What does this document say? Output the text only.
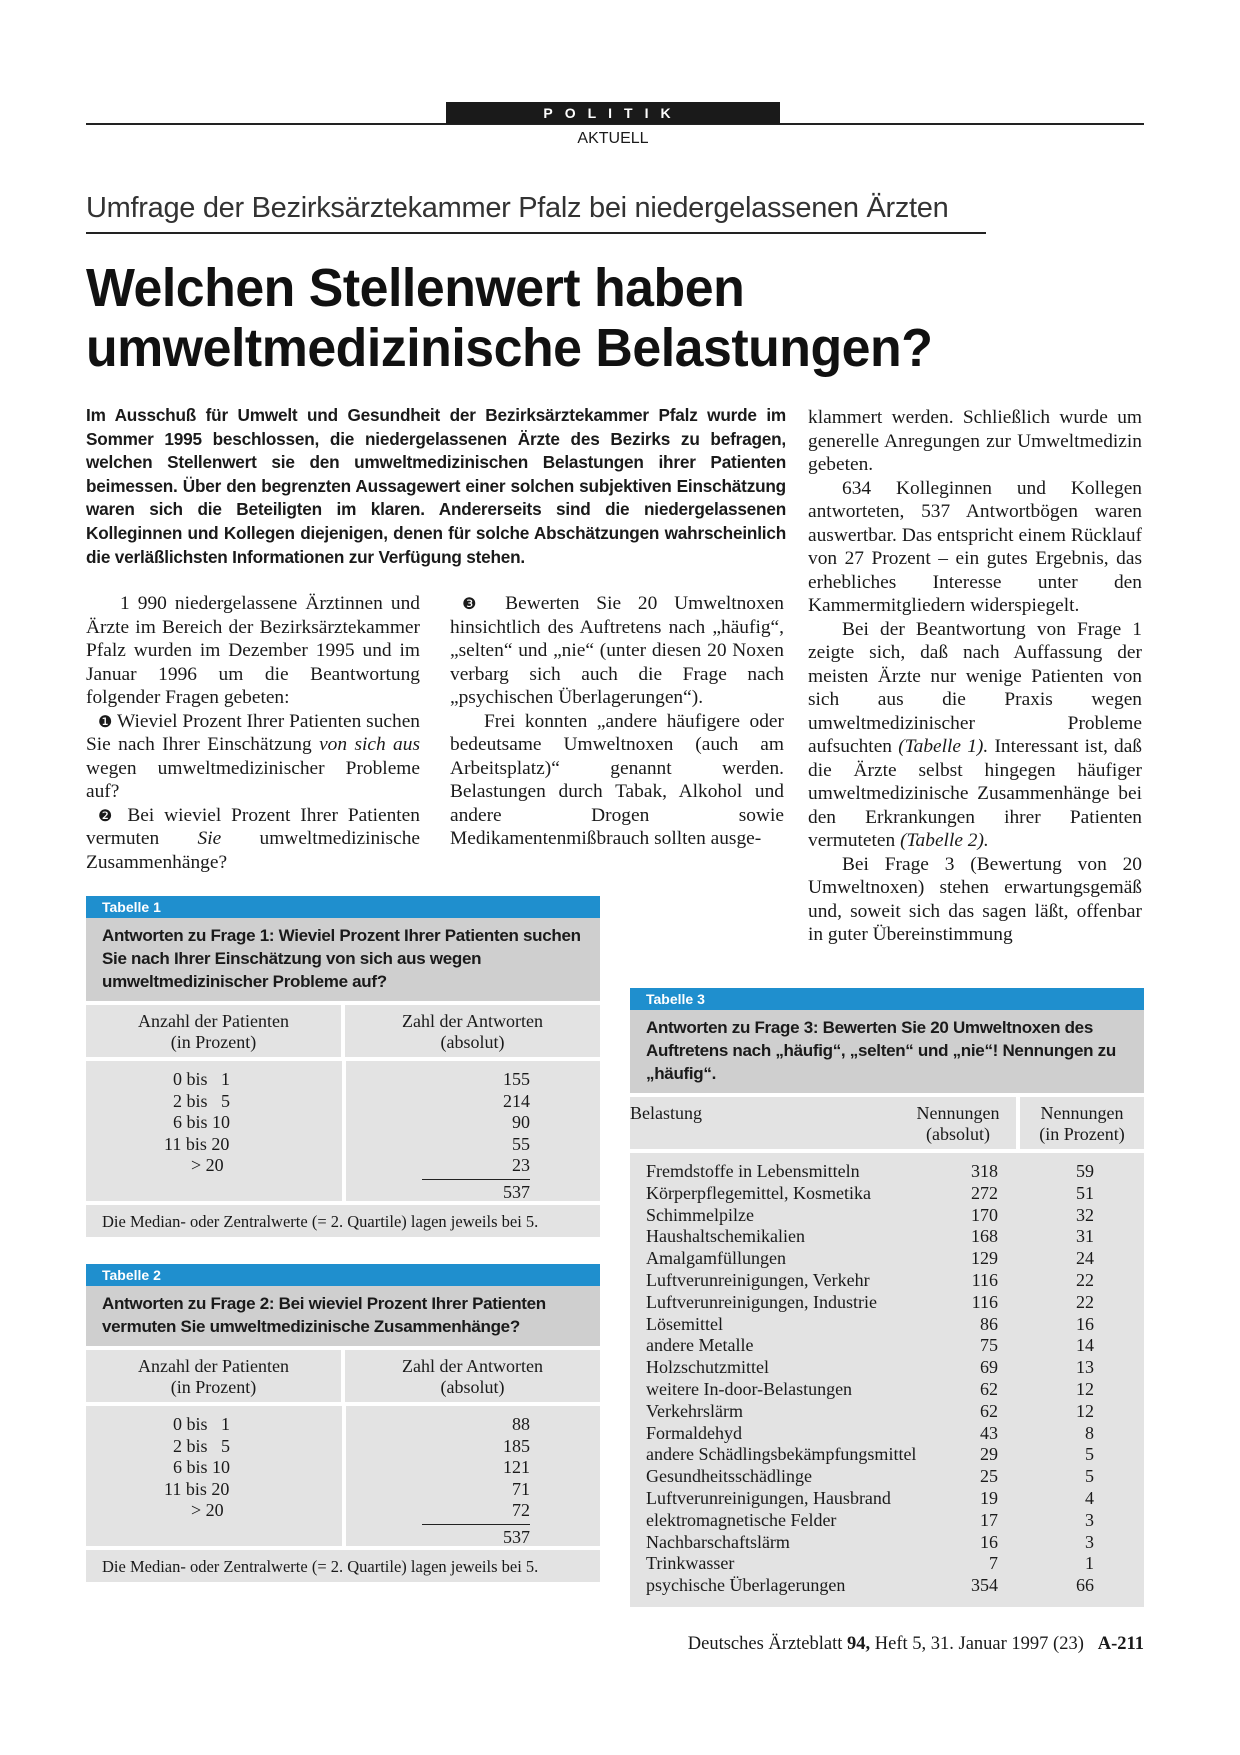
POLITIK
AKTUELL
Umfrage der Bezirksärztekammer Pfalz bei niedergelassenen Ärzten
Welchen Stellenwert haben
umweltmedizinische Belastungen?
Im Ausschuß für Umwelt und Gesundheit der Bezirksärztekammer Pfalz wurde im Sommer 1995 beschlossen, die niedergelassenen Ärzte des Bezirks zu befragen, welchen Stellenwert sie den umweltmedizinischen Belastungen ihrer Patienten beimessen. Über den begrenzten Aussagewert einer solchen subjektiven Einschätzung waren sich die Beteiligten im klaren. Andererseits sind die niedergelassenen Kolleginnen und Kollegen diejenigen, denen für solche Abschätzungen wahrscheinlich die verläßlichsten Informationen zur Verfügung stehen.

1 990 niedergelassene Ärztinnen und Ärzte im Bereich der Bezirksärztekammer Pfalz wurden im Dezember 1995 und im Januar 1996 um die Beantwortung folgender Fragen gebeten:

❶ Wieviel Prozent Ihrer Patienten suchen Sie nach Ihrer Einschätzung von sich aus wegen umweltmedizinischer Probleme auf?

❷ Bei wieviel Prozent Ihrer Patienten vermuten Sie umweltmedizinische Zusammenhänge?

❸ Bewerten Sie 20 Umweltnoxen hinsichtlich des Auftretens nach „häufig“, „selten“ und „nie“ (unter diesen 20 Noxen verbarg sich auch die Frage nach „psychischen Überlagerungen“).

Frei konnten „andere häufigere oder bedeutsame Umweltnoxen (auch am Arbeitsplatz)“ genannt werden. Belastungen durch Tabak, Alkohol und andere Drogen sowie Medikamentenmißbrauch sollten ausge-

klammert werden. Schließlich wurde um generelle Anregungen zur Umweltmedizin gebeten.

634 Kolleginnen und Kollegen antworteten, 537 Antwortbögen waren auswertbar. Das entspricht einem Rücklauf von 27 Prozent – ein gutes Ergebnis, das erhebliches Interesse unter den Kammermitgliedern widerspiegelt.

Bei der Beantwortung von Frage 1 zeigte sich, daß nach Auffassung der meisten Ärzte nur wenige Patienten von sich aus die Praxis wegen umweltmedizinischer Probleme aufsuchten (Tabelle 1). Interessant ist, daß die Ärzte selbst hingegen häufiger umweltmedizinische Zusammenhänge bei den Erkrankungen ihrer Patienten vermuteten (Tabelle 2).

Bei Frage 3 (Bewertung von 20 Umweltnoxen) stehen erwartungsgemäß und, soweit sich das sagen läßt, offenbar in guter Übereinstimmung

Tabelle 1
Antworten zu Frage 1: Wieviel Prozent Ihrer Patienten suchen Sie nach Ihrer Einschätzung von sich aus wegen umweltmedizinischer Probleme auf?
Anzahl der Patienten
(in Prozent)
Zahl der Antworten
(absolut)
0 bis   1
2 bis   5
6 bis 10
11 bis 20
> 20
155
214
90
55
23
537
Die Median- oder Zentralwerte (= 2. Quartile) lagen jeweils bei 5.
Tabelle 2
Antworten zu Frage 2: Bei wieviel Prozent Ihrer Patienten vermuten Sie umweltmedizinische Zusammenhänge?
Anzahl der Patienten
(in Prozent)
Zahl der Antworten
(absolut)
0 bis   1
2 bis   5
6 bis 10
11 bis 20
> 20
88
185
121
71
72
537
Die Median- oder Zentralwerte (= 2. Quartile) lagen jeweils bei 5.
Tabelle 3
Antworten zu Frage 3: Bewerten Sie 20 Umweltnoxen des Auftretens nach „häufig“, „selten“ und „nie“! Nennungen zu „häufig“.
Belastung	Nennungen
(absolut)
Nennungen
(in Prozent)
Fremdstoffe in Lebensmitteln
Körperpflegemittel, Kosmetika
Schimmelpilze
Haushaltschemikalien
Amalgamfüllungen
Luftverunreinigungen, Verkehr
Luftverunreinigungen, Industrie
Lösemittel
andere Metalle
Holzschutzmittel
weitere In-door-Belastungen
Verkehrslärm
Formaldehyd
andere Schädlingsbekämpfungsmittel
Gesundheitsschädlinge
Luftverunreinigungen, Hausbrand
elektromagnetische Felder
Nachbarschaftslärm
Trinkwasser
psychische Überlagerungen
318
272
170
168
129
116
116
86
75
69
62
62
43
29
25
19
17
16
7
354
59
51
32
31
24
22
22
16
14
13
12
12
8
5
5
4
3
3
1
66
Deutsches Ärzteblatt 94, Heft 5, 31. Januar 1997 (23) A-211
